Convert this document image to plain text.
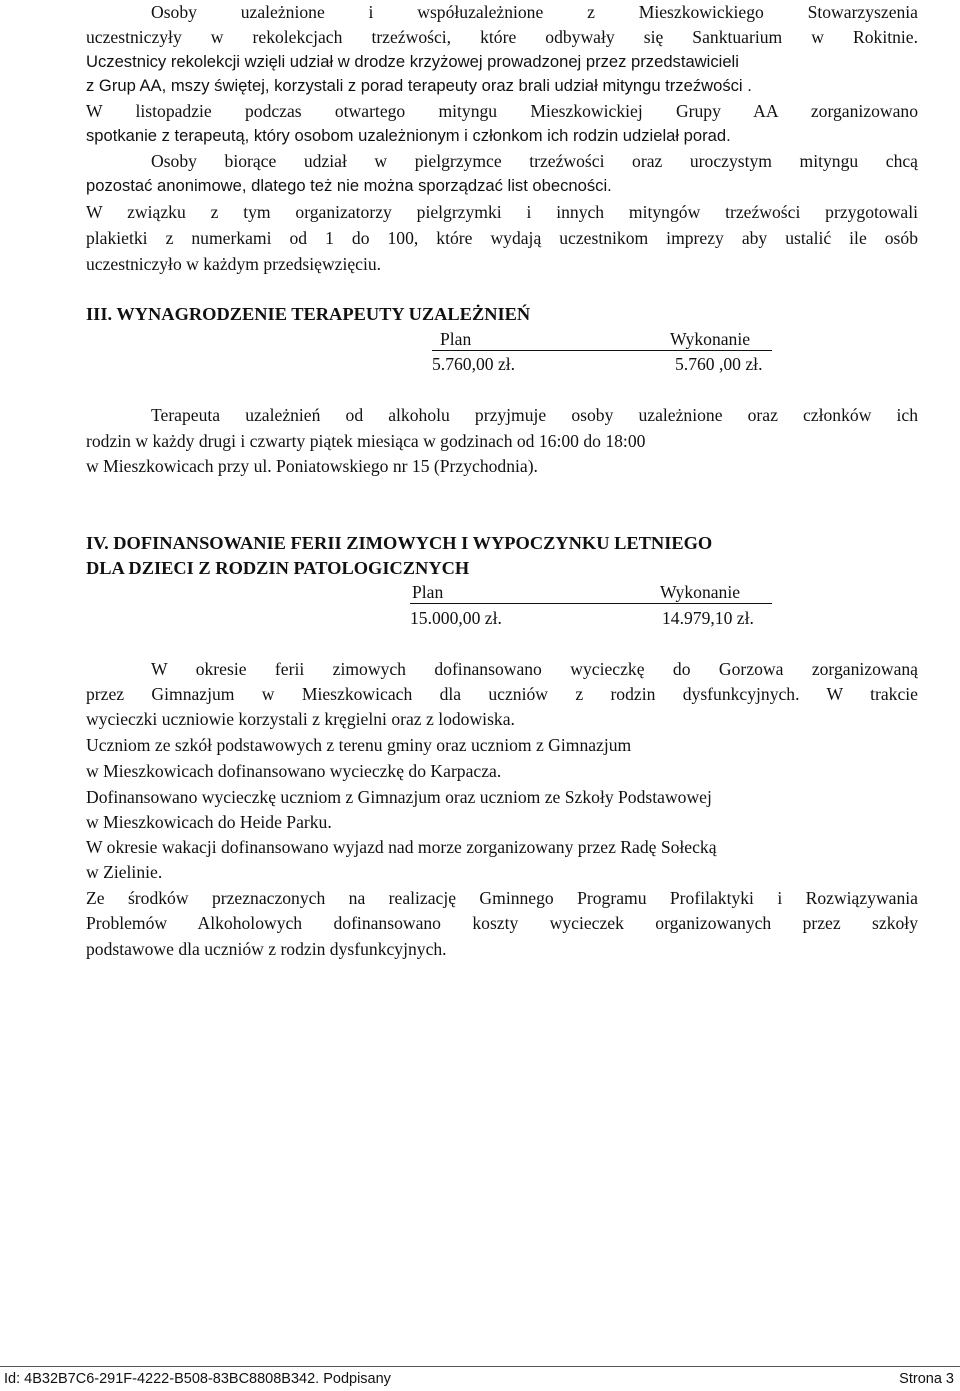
Osoby uzależnione i współuzależnione z Mieszkowickiego Stowarzyszenia
uczestniczyły w rekolekcjach trzeźwości, które odbywały się Sanktuarium w Rokitnie.
Uczestnicy rekolekcji wzięli udział w drodze krzyżowej prowadzonej przez przedstawicieli
z Grup AA, mszy świętej, korzystali z porad terapeuty oraz brali udział mityngu trzeźwości .
W listopadzie podczas otwartego mityngu Mieszkowickiej Grupy AA zorganizowano
spotkanie z terapeutą, który osobom uzależnionym i członkom ich rodzin udzielał porad.
Osoby biorące udział w pielgrzymce trzeźwości oraz uroczystym mityngu chcą
pozostać anonimowe, dlatego też nie można sporządzać list obecności.
W związku z tym organizatorzy pielgrzymki i innych mityngów trzeźwości przygotowali
plakietki z numerkami od 1 do 100, które wydają uczestnikom imprezy aby ustalić ile osób
uczestniczyło w każdym przedsięwzięciu.
III. WYNAGRODZENIE TERAPEUTY UZALEŻNIEŃ
Plan	Wykonanie

5.760,00 zł.	5.760 ,00 zł.
Terapeuta uzależnień od alkoholu przyjmuje osoby uzależnione oraz członków ich
rodzin w każdy drugi i czwarty piątek miesiąca w godzinach od 16:00 do 18:00
w Mieszkowicach przy ul. Poniatowskiego nr 15 (Przychodnia).
IV. DOFINANSOWANIE FERII ZIMOWYCH I WYPOCZYNKU LETNIEGO
DLA DZIECI Z RODZIN PATOLOGICZNYCH
Plan	Wykonanie

15.000,00 zł.	14.979,10 zł.
W okresie ferii zimowych dofinansowano wycieczkę do Gorzowa zorganizowaną
przez Gimnazjum w Mieszkowicach dla uczniów z rodzin dysfunkcyjnych. W trakcie
wycieczki uczniowie korzystali z kręgielni oraz z lodowiska.
Uczniom ze szkół podstawowych z terenu gminy oraz uczniom z Gimnazjum
w Mieszkowicach dofinansowano wycieczkę do Karpacza.
Dofinansowano wycieczkę uczniom z Gimnazjum oraz uczniom ze Szkoły Podstawowej
w Mieszkowicach do Heide Parku.
W okresie wakacji dofinansowano wyjazd nad morze zorganizowany przez Radę Sołecką
w Zielinie.
Ze środków przeznaczonych na realizację Gminnego Programu Profilaktyki i Rozwiązywania
Problemów Alkoholowych dofinansowano koszty wycieczek organizowanych przez szkoły
podstawowe dla uczniów z rodzin dysfunkcyjnych.
Id: 4B32B7C6-291F-4222-B508-83BC8808B342. Podpisany	Strona 3
